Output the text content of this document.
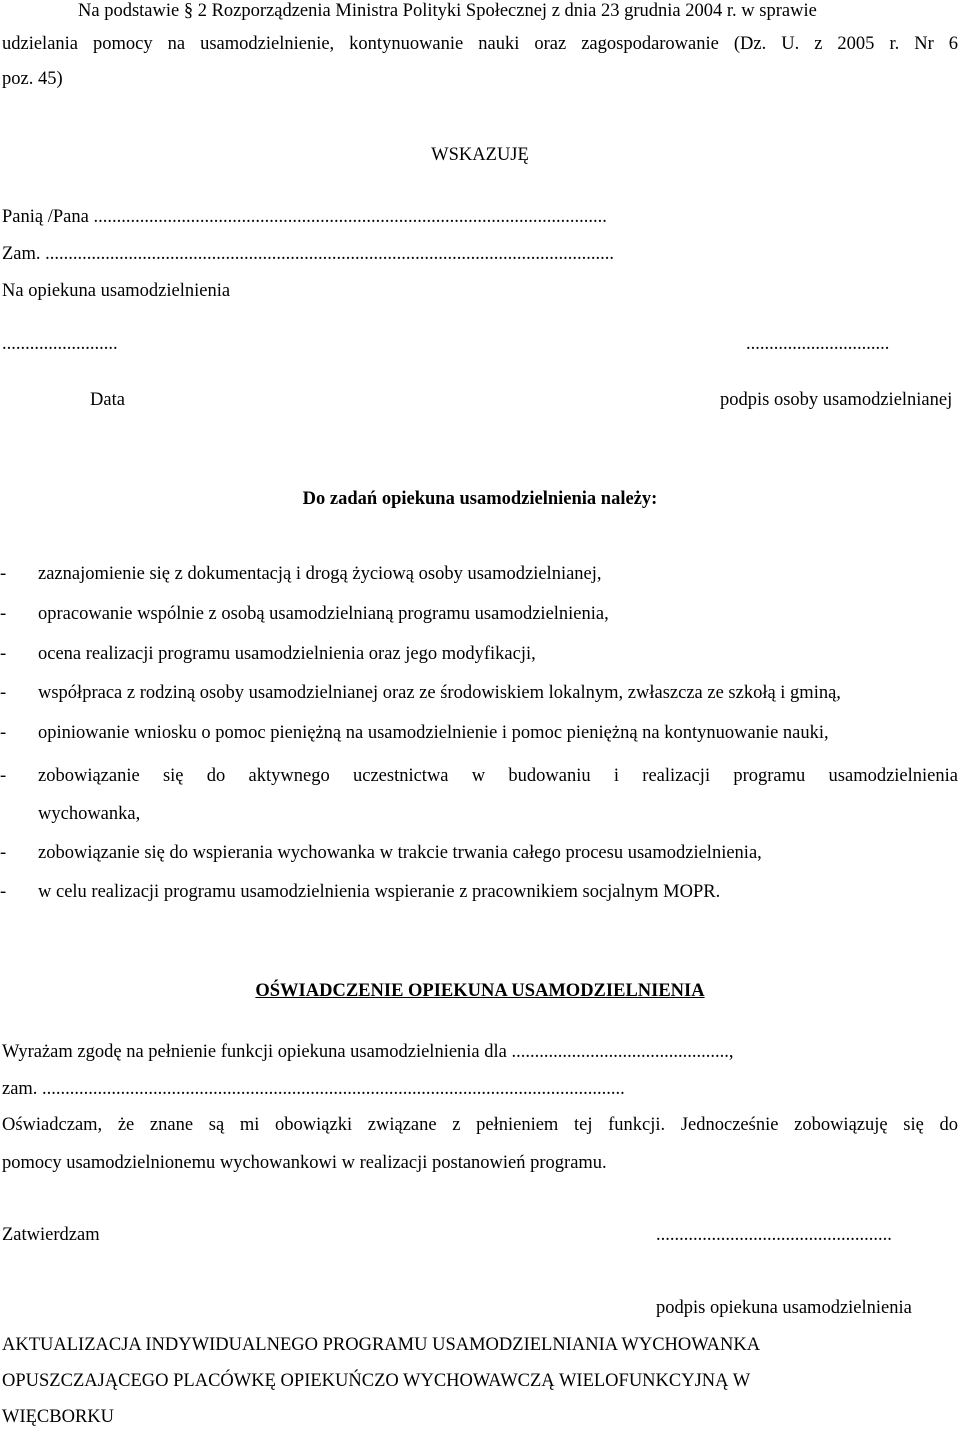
Na podstawie § 2 Rozporządzenia Ministra Polityki Społecznej z dnia 23 grudnia 2004 r. w sprawie
udzielania pomocy na usamodzielnienie, kontynuowanie nauki oraz zagospodarowanie (Dz. U. z 2005 r. Nr 6
poz. 45)
WSKAZUJĘ
Panią /Pana ...............................................................................................................
Zam. ...........................................................................................................................
Na opiekuna usamodzielnienia
.........................	...............................
Data	podpis osoby usamodzielnianej
Do zadań opiekuna usamodzielnienia należy:
- zaznajomienie się z dokumentacją i drogą życiową osoby usamodzielnianej,
- opracowanie wspólnie z osobą usamodzielnianą programu usamodzielnienia,
- ocena realizacji programu usamodzielnienia oraz jego modyfikacji,
- współpraca z rodziną osoby usamodzielnianej oraz ze środowiskiem lokalnym, zwłaszcza ze szkołą i gminą,
- opiniowanie wniosku o pomoc pieniężną na usamodzielnienie i pomoc pieniężną na kontynuowanie nauki,
- zobowiązanie się do aktywnego uczestnictwa w budowaniu i realizacji programu usamodzielnienia
wychowanka,
- zobowiązanie się do wspierania wychowanka w trakcie trwania całego procesu usamodzielnienia,
- w celu realizacji programu usamodzielnienia wspieranie z pracownikiem socjalnym MOPR.
OŚWIADCZENIE OPIEKUNA USAMODZIELNIENIA
Wyrażam zgodę na pełnienie funkcji opiekuna usamodzielnienia dla ...............................................,
zam. ..............................................................................................................................
Oświadczam, że znane są mi obowiązki związane z pełnieniem tej funkcji. Jednocześnie zobowiązuję się do
pomocy usamodzielnionemu wychowankowi w realizacji postanowień programu.
Zatwierdzam	...................................................
podpis opiekuna usamodzielnienia
AKTUALIZACJA INDYWIDUALNEGO PROGRAMU USAMODZIELNIANIA WYCHOWANKA
OPUSZCZAJĄCEGO PLACÓWKĘ OPIEKUŃCZO WYCHOWAWCZĄ WIELOFUNKCYJNĄ W
WIĘCBORKU
